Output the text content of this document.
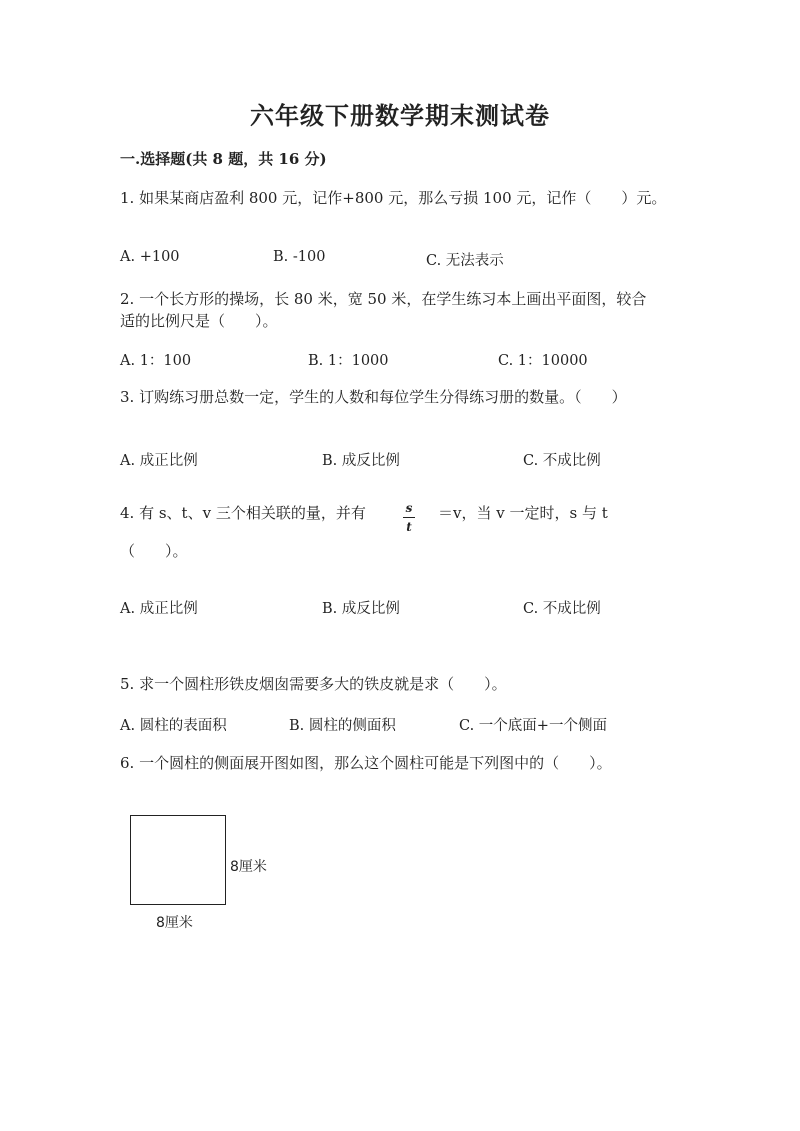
六年级下册数学期末测试卷
一.选择题(共 8 题，共 16 分)
1. 如果某商店盈利 800 元，记作+800 元，那么亏损 100 元，记作（　　）元。
A. +100	B. -100	C. 无法表示
2. 一个长方形的操场，长 80 米，宽 50 米，在学生练习本上画出平面图，较合
适的比例尺是（　　）。
A. 1：100	B. 1：1000	C. 1：10000
3. 订购练习册总数一定，学生的人数和每位学生分得练习册的数量。（　　）
A. 成正比例	B. 成反比例	C. 不成比例
4. 有 s、t、v 三个相关联的量，并有	s
t
＝v，当 v 一定时，s 与 t
（　　）。
A. 成正比例	B. 成反比例	C. 不成比例
5. 求一个圆柱形铁皮烟囱需要多大的铁皮就是求（　　）。
A. 圆柱的表面积	B. 圆柱的侧面积	C. 一个底面+一个侧面
6. 一个圆柱的侧面展开图如图，那么这个圆柱可能是下列图中的（　　）。
8厘米
8厘米
